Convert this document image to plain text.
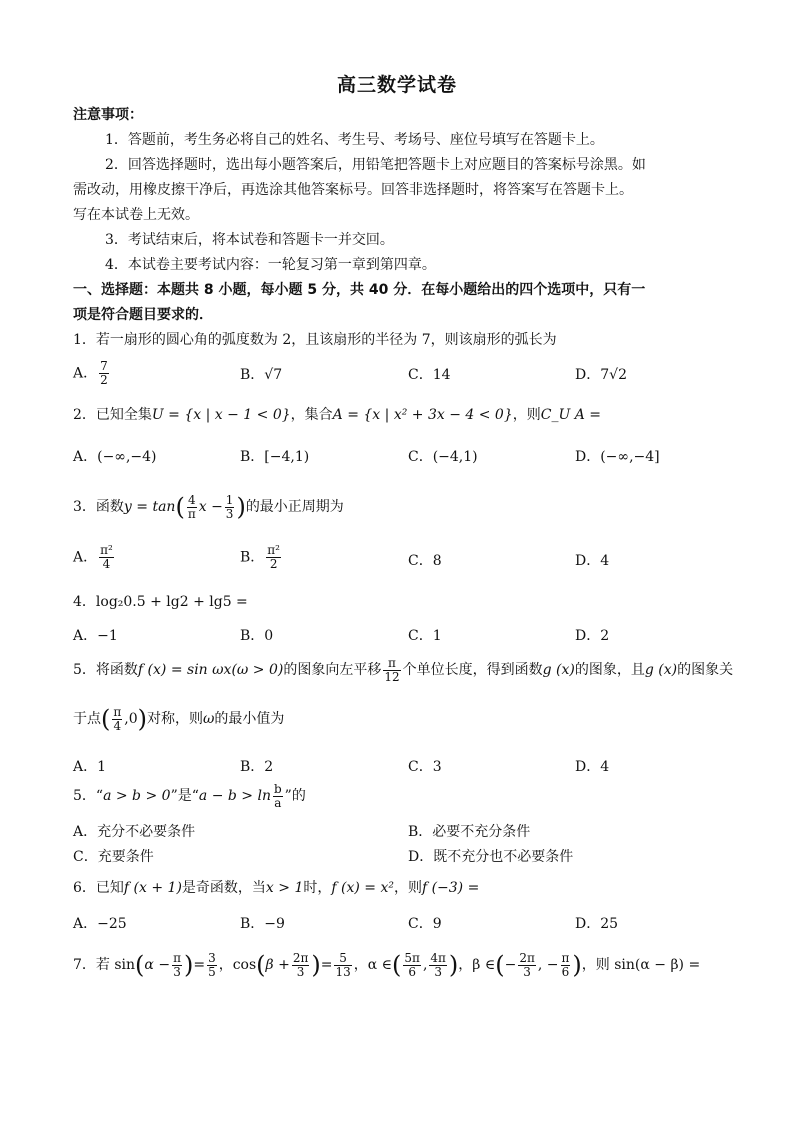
高三数学试卷
注意事项：
1．答题前，考生务必将自己的姓名、考生号、考场号、座位号填写在答题卡上。
2．回答选择题时，选出每小题答案后，用铅笔把答题卡上对应题目的答案标号涂黑。如
需改动，用橡皮擦干净后，再选涂其他答案标号。回答非选择题时，将答案写在答题卡上。
写在本试卷上无效。
3．考试结束后，将本试卷和答题卡一并交回。
4．本试卷主要考试内容：一轮复习第一章到第四章。
一、选择题：本题共 8 小题，每小题 5 分，共 40 分．在每小题给出的四个选项中，只有一
项是符合题目要求的．
1．若一扇形的圆心角的弧度数为 2，且该扇形的半径为 7，则该扇形的弧长为
A． $\frac{7}{2}$	B．√7	C．14	D．7√2
2．已知全集U = {x | x − 1 < 0}，集合A = {x | x² + 3x − 4 < 0}，则C_U A =
A．(−∞,−4)	B．[−4,1)	C．(−4,1)	D．(−∞,−4]
3．函数$y = \tan( \frac{4}{\pi}$ $x - \frac{1}{3}$ )的最小正周期为
A． $\frac{\text{π²}}{4}$	B． $\frac{\text{π²}}{2}$	C．8	D．4
4．log₂0.5 + lg2 + lg5 =
A．−1	B．0	C．1	D．2
5．将函数f (x) = sin ωx(ω > 0)的图象向左平移 $\frac{\pi}{12}$ 个单位长度，得到函数g (x)的图象，且g (x)的图象关
于点( $\frac{\pi}{4} ,0$)对称，则ω的最小值为
A．1	B．2	C．3	D．4
5．“a > b > 0”是“$a - b > \ln \frac{b}{a}$ ”的
A．充分不必要条件	B．必要不充分条件
C．充要条件	D．既不充分也不必要条件
6．已知f (x + 1)是奇函数，当x > 1时，f (x) = x²，则f (−3) =
A．−25	B．−9	C．9	D．25
7．若 $\sin(\alpha - \frac{\pi}{3}$ )= $\frac{3}{5}$ ，$\cos(\beta + \frac{2\pi}{3}$ )= $\frac{5}{13}$ ，α ∈( $\frac{5\pi}{6}$ , $\frac{4\pi}{3}$ )，β ∈(− $\frac{2\pi}{3}$ , − $\frac{\pi}{6}$ )，则 sin(α − β) =
